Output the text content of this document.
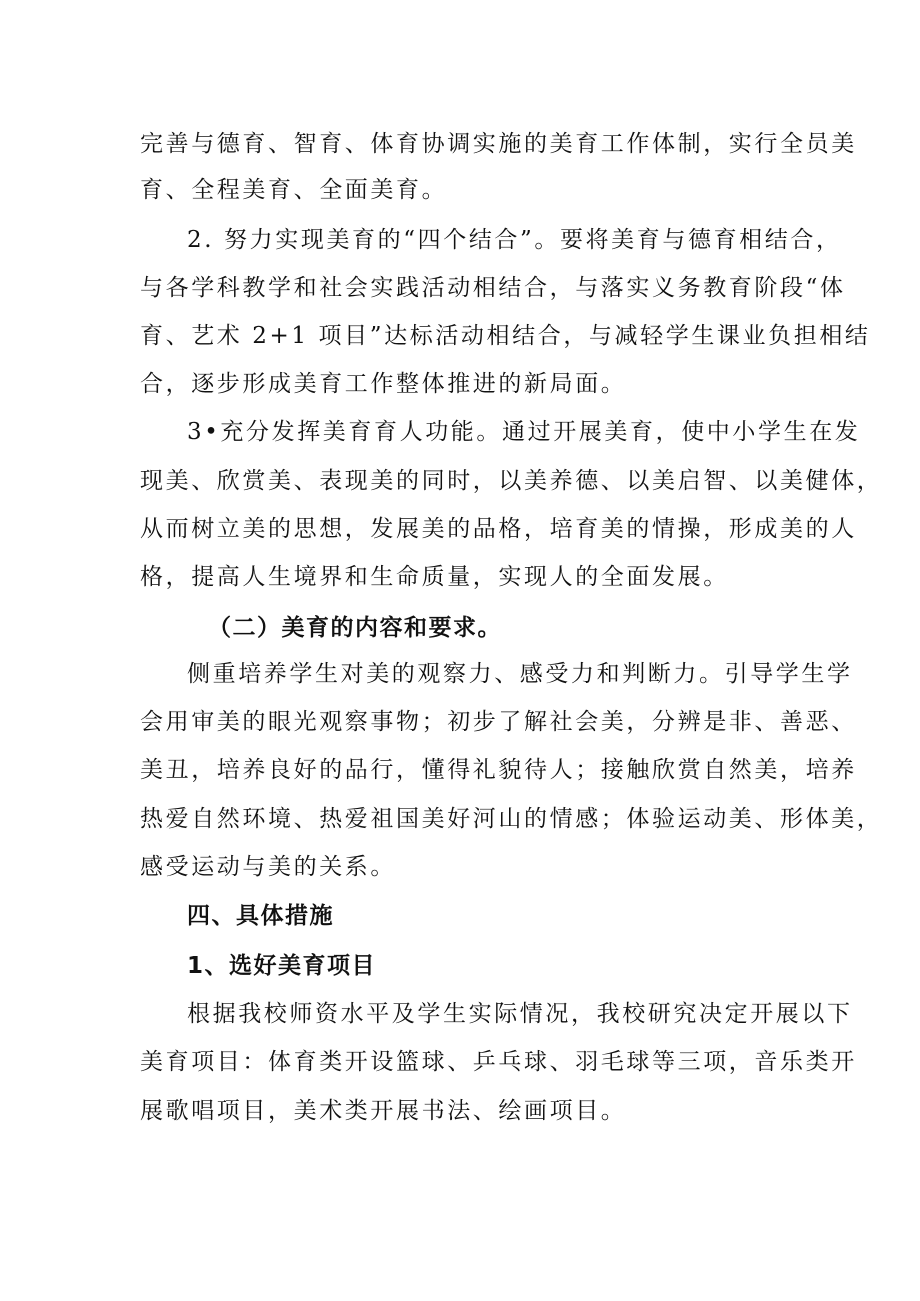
完善与德育、智育、体育协调实施的美育工作体制，实行全员美
育、全程美育、全面美育。
2. 努力实现美育的“四个结合”。要将美育与德育相结合，
与各学科教学和社会实践活动相结合，与落实义务教育阶段“体
育、艺术 2+1 项目”达标活动相结合，与减轻学生课业负担相结
合，逐步形成美育工作整体推进的新局面。
3•充分发挥美育育人功能。通过开展美育，使中小学生在发
现美、欣赏美、表现美的同时，以美养德、以美启智、以美健体，
从而树立美的思想，发展美的品格，培育美的情操，形成美的人
格，提高人生境界和生命质量，实现人的全面发展。
（二）美育的内容和要求。
侧重培养学生对美的观察力、感受力和判断力。引导学生学
会用审美的眼光观察事物；初步了解社会美，分辨是非、善恶、
美丑，培养良好的品行，懂得礼貌待人；接触欣赏自然美，培养
热爱自然环境、热爱祖国美好河山的情感；体验运动美、形体美，
感受运动与美的关系。
四、具体措施
1、选好美育项目
根据我校师资水平及学生实际情况，我校研究决定开展以下
美育项目：体育类开设篮球、乒乓球、羽毛球等三项，音乐类开
展歌唱项目，美术类开展书法、绘画项目。
